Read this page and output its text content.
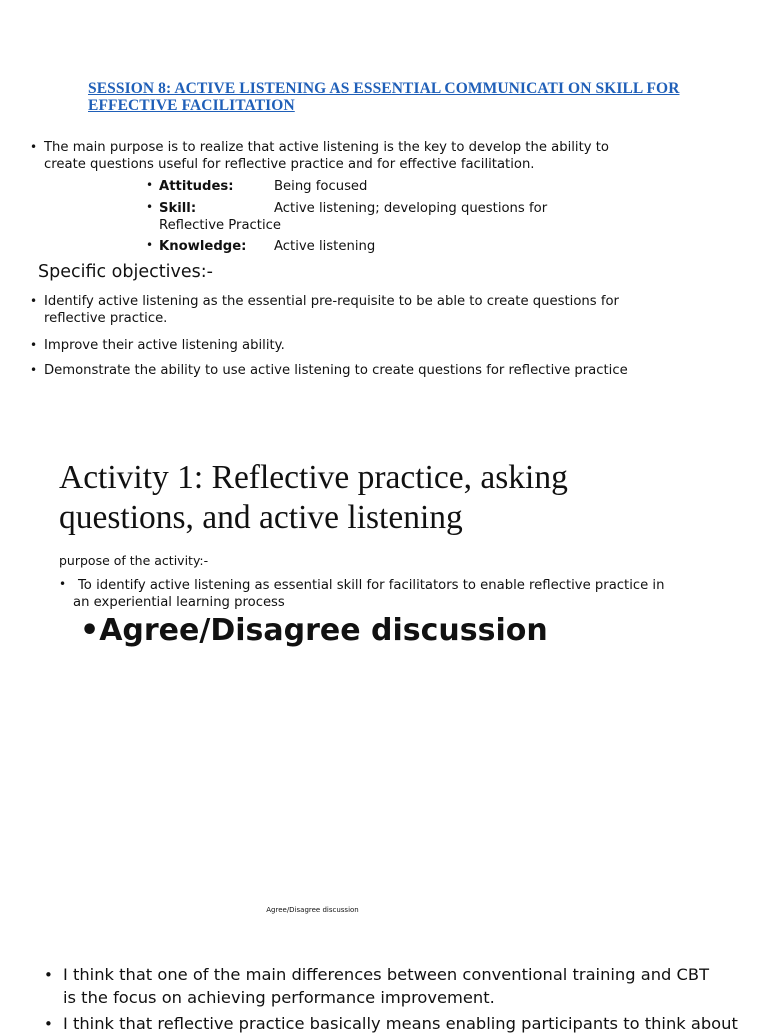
SESSION 8: ACTIVE LISTENING AS ESSENTIAL COMMUNICATI ON SKILL FOR EFFECTIVE FACILITATION
• The main purpose is to realize that active listening is the key to develop the ability to create questions useful for reflective practice and for effective facilitation.
• Attitudes:	Being focused
• Skill:	Active listening; developing questions for
Reflective Practice
• Knowledge: Active listening
Specific objectives:-
• Identify active listening as the essential pre-requisite to be able to create questions for reflective practice.
• Improve their active listening ability.
• Demonstrate the ability to use active listening to create questions for reflective practice
Activity 1: Reflective practice, asking questions, and active listening
purpose of the activity:-
• To identify active listening as essential skill for facilitators to enable reflective practice in an experiential learning process
•Agree/Disagree discussion
Agree/Disagree discussion
• I think that one of the main differences between conventional training and CBT is the focus on achieving performance improvement.
• I think that reflective practice basically means enabling participants to think about
